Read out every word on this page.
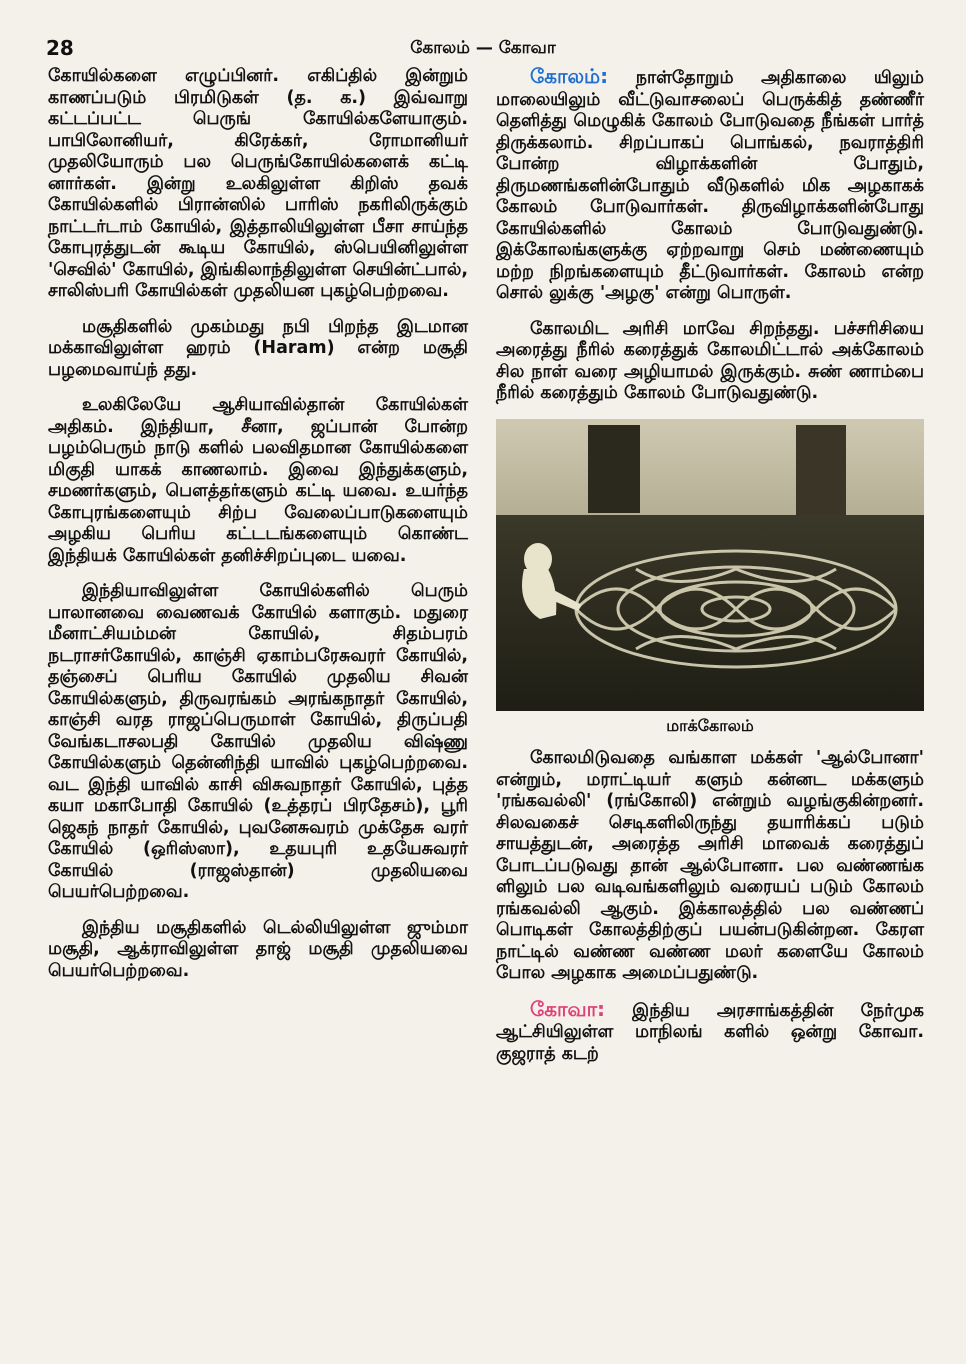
28	கோலம் — கோவா

கோயில்களை எழுப்பினர். எகிப்தில் இன்றும் காணப்படும் பிரமிடுகள் (த. க.) இவ்வாறு கட்டப்பட்ட பெருங் கோயில்களேயாகும். பாபிலோனியர், கிரேக்கர், ரோமானியர் முதலியோரும் பல பெருங்கோயில்களைக் கட்டி னார்கள். இன்று உலகிலுள்ள கிறிஸ் தவக் கோயில்களில் பிரான்ஸில் பாரிஸ் நகரிலிருக்கும் நாட்டர்டாம் கோயில், இத்தாலியிலுள்ள பீசா சாய்ந்த கோபுரத்துடன் கூடிய கோயில், ஸ்பெயினிலுள்ள 'செவில்' கோயில், இங்கிலாந்திலுள்ள செயின்ட்பால், சாலிஸ்பரி கோயில்கள் முதலியன புகழ்பெற்றவை.

மசூதிகளில் முகம்மது நபி பிறந்த இடமான மக்காவிலுள்ள ஹரம் (Haram) என்ற மசூதி பழமைவாய்ந் தது.

உலகிலேயே ஆசியாவில்தான் கோயில்கள் அதிகம். இந்தியா, சீனா, ஜப்பான் போன்ற பழம்பெரும் நாடு களில் பலவிதமான கோயில்களை மிகுதி யாகக் காணலாம். இவை இந்துக்களும், சமணர்களும், பௌத்தர்களும் கட்டி யவை. உயர்ந்த கோபுரங்களையும் சிற்ப வேலைப்பாடுகளையும் அழகிய பெரிய கட்டடங்களையும் கொண்ட இந்தியக் கோயில்கள் தனிச்சிறப்புடை யவை.

இந்தியாவிலுள்ள கோயில்களில் பெரும் பாலானவை வைணவக் கோயில் களாகும். மதுரை மீனாட்சியம்மன் கோயில், சிதம்பரம் நடராசர்கோயில், காஞ்சி ஏகாம்பரேசுவரர் கோயில், தஞ்சைப் பெரிய கோயில் முதலிய சிவன் கோயில்களும், திருவரங்கம் அரங்கநாதர் கோயில், காஞ்சி வரத ராஜப்பெருமாள் கோயில், திருப்பதி வேங்கடாசலபதி கோயில் முதலிய விஷ்ணு கோயில்களும் தென்னிந்தி யாவில் புகழ்பெற்றவை. வட இந்தி யாவில் காசி விசுவநாதர் கோயில், புத்த கயா மகாபோதி கோயில் (உத்தரப் பிரதேசம்), பூரி ஜெகந் நாதர் கோயில், புவனேசுவரம் முக்தேசு வரர் கோயில் (ஒரிஸ்ஸா), உதயபுரி உதயேசுவரர் கோயில் (ராஜஸ்தான்) முதலியவை பெயர்பெற்றவை.

இந்திய மசூதிகளில் டெல்லியிலுள்ள ஜும்மா மசூதி, ஆக்ராவிலுள்ள தாஜ் மசூதி முதலியவை பெயர்பெற்றவை.

கோலம்: நாள்தோறும் அதிகாலை யிலும் மாலையிலும் வீட்டுவாசலைப் பெருக்கித் தண்ணீர் தெளித்து மெழுகிக் கோலம் போடுவதை நீங்கள் பார்த் திருக்கலாம். சிறப்பாகப் பொங்கல், நவராத்திரி போன்ற விழாக்களின் போதும், திருமணங்களின்போதும் வீடுகளில் மிக அழகாகக் கோலம் போடுவார்கள். திருவிழாக்களின்போது கோயில்களில் கோலம் போடுவதுண்டு. இக்கோலங்களுக்கு ஏற்றவாறு செம் மண்ணையும் மற்ற நிறங்களையும் தீட்டுவார்கள். கோலம் என்ற சொல் லுக்கு 'அழகு' என்று பொருள்.

கோலமிட அரிசி மாவே சிறந்தது. பச்சரிசியை அரைத்து நீரில் கரைத்துக் கோலமிட்டால் அக்கோலம் சில நாள் வரை அழியாமல் இருக்கும். சுண் ணாம்பை நீரில் கரைத்தும் கோலம் போடுவதுண்டு.

மாக்கோலம்

கோலமிடுவதை வங்காள மக்கள் 'ஆல்போனா' என்றும், மராட்டியர் களும் கன்னட மக்களும் 'ரங்கவல்லி' (ரங்கோலி) என்றும் வழங்குகின்றனர். சிலவகைச் செடிகளிலிருந்து தயாரிக்கப் படும் சாயத்துடன், அரைத்த அரிசி மாவைக் கரைத்துப் போடப்படுவது தான் ஆல்போனா. பல வண்ணங்க ளிலும் பல வடிவங்களிலும் வரையப் படும் கோலம் ரங்கவல்லி ஆகும். இக்காலத்தில் பல வண்ணப் பொடிகள் கோலத்திற்குப் பயன்படுகின்றன. கேரள நாட்டில் வண்ண வண்ண மலர் களையே கோலம் போல அழகாக அமைப்பதுண்டு.

கோவா: இந்திய அரசாங்கத்தின் நேர்முக ஆட்சியிலுள்ள மாநிலங் களில் ஒன்று கோவா. குஜராத் கடற்
